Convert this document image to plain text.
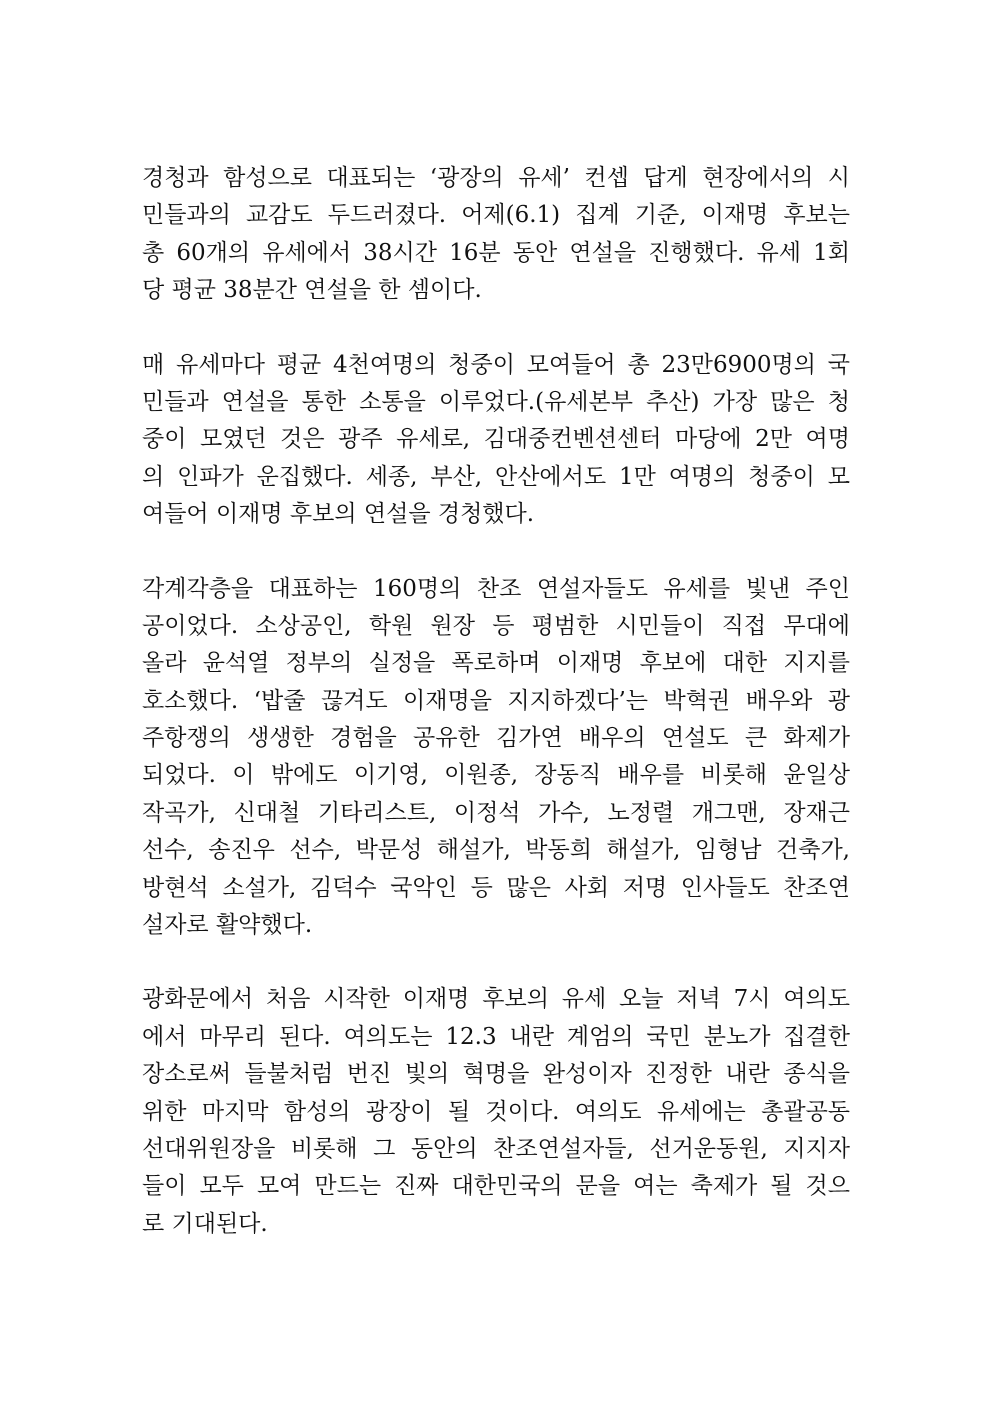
경청과 함성으로 대표되는 ‘광장의 유세’ 컨셉 답게 현장에서의 시
민들과의 교감도 두드러졌다. 어제(6.1) 집계 기준, 이재명 후보는
총 60개의 유세에서 38시간 16분 동안 연설을 진행했다. 유세 1회
당 평균 38분간 연설을 한 셈이다.

매 유세마다 평균 4천여명의 청중이 모여들어 총 23만6900명의 국
민들과 연설을 통한 소통을 이루었다.(유세본부 추산) 가장 많은 청
중이 모였던 것은 광주 유세로, 김대중컨벤션센터 마당에 2만 여명
의 인파가 운집했다. 세종, 부산, 안산에서도 1만 여명의 청중이 모
여들어 이재명 후보의 연설을 경청했다.

각계각층을 대표하는 160명의 찬조 연설자들도 유세를 빛낸 주인
공이었다. 소상공인, 학원 원장 등 평범한 시민들이 직접 무대에
올라 윤석열 정부의 실정을 폭로하며 이재명 후보에 대한 지지를
호소했다. ‘밥줄 끊겨도 이재명을 지지하겠다’는 박혁권 배우와 광
주항쟁의 생생한 경험을 공유한 김가연 배우의 연설도 큰 화제가
되었다. 이 밖에도 이기영, 이원종, 장동직 배우를 비롯해 윤일상
작곡가, 신대철 기타리스트, 이정석 가수, 노정렬 개그맨, 장재근
선수, 송진우 선수, 박문성 해설가, 박동희 해설가, 임형남 건축가,
방현석 소설가, 김덕수 국악인 등 많은 사회 저명 인사들도 찬조연
설자로 활약했다.

광화문에서 처음 시작한 이재명 후보의 유세 오늘 저녁 7시 여의도
에서 마무리 된다. 여의도는 12.3 내란 계엄의 국민 분노가 집결한
장소로써 들불처럼 번진 빛의 혁명을 완성이자 진정한 내란 종식을
위한 마지막 함성의 광장이 될 것이다. 여의도 유세에는 총괄공동
선대위원장을 비롯해 그 동안의 찬조연설자들, 선거운동원, 지지자
들이 모두 모여 만드는 진짜 대한민국의 문을 여는 축제가 될 것으
로 기대된다.
